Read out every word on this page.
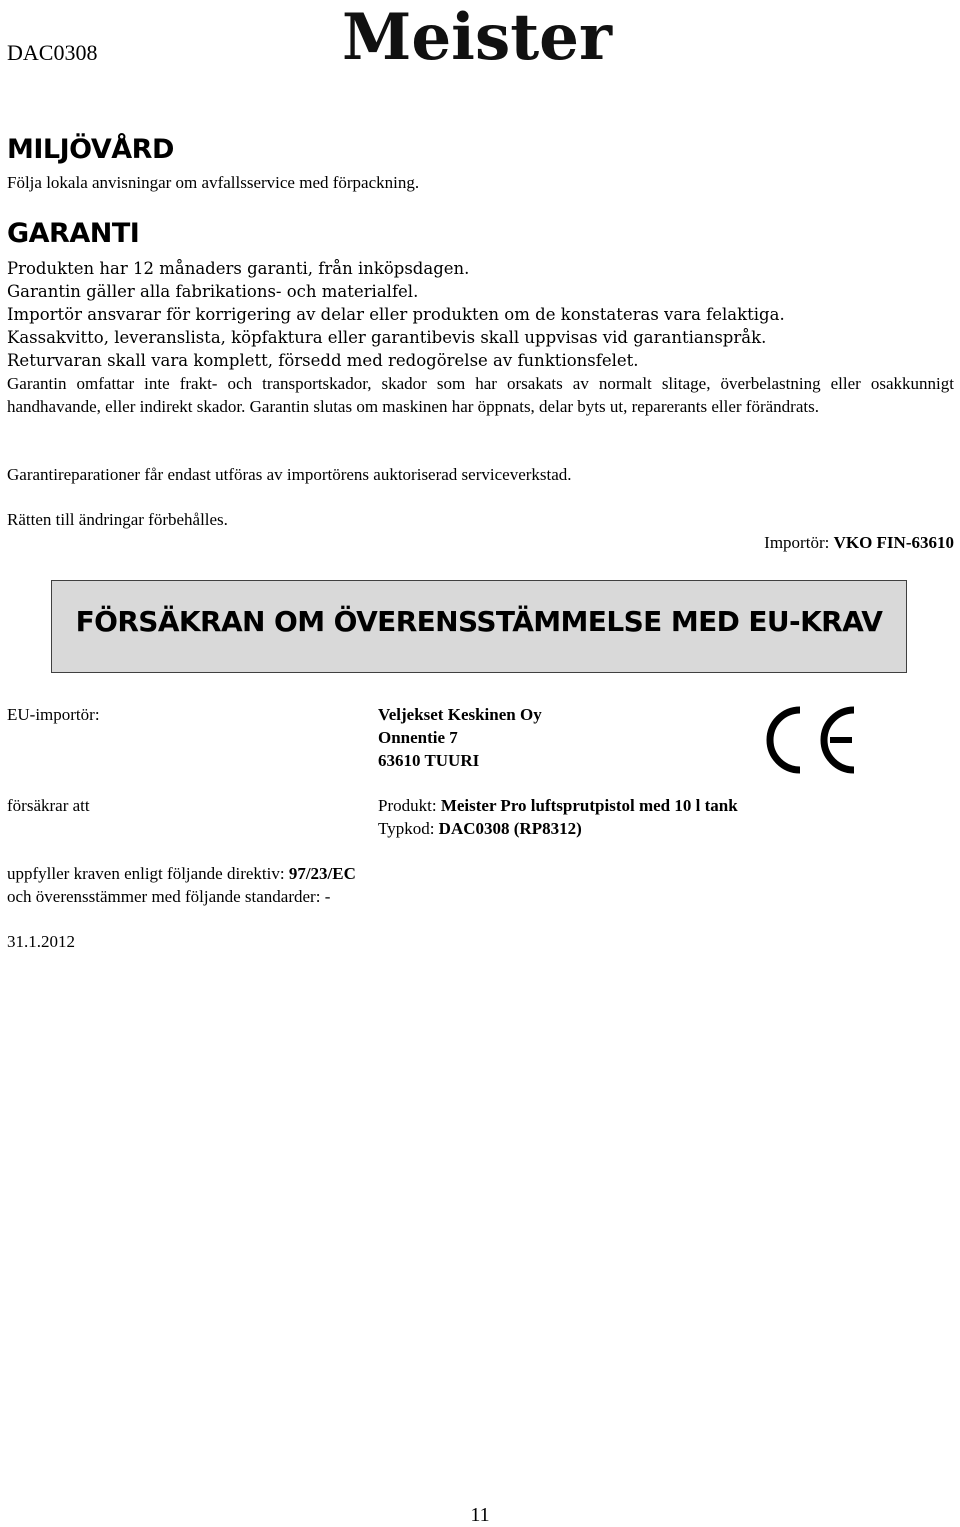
DAC0308	Meister
MILJÖVÅRD
Följa lokala anvisningar om avfallsservice med förpackning.
GARANTI
Produkten har 12 månaders garanti, från inköpsdagen.
Garantin gäller alla fabrikations- och materialfel.
Importör ansvarar för korrigering av delar eller produkten om de konstateras vara felaktiga.
Kassakvitto, leveranslista, köpfaktura eller garantibevis skall uppvisas vid garantianspråk.
Returvaran skall vara komplett, försedd med redogörelse av funktionsfelet.
Garantin omfattar inte frakt- och transportskador, skador som har orsakats av normalt slitage, överbelastning eller osakkunnigt handhavande, eller indirekt skador. Garantin slutas om maskinen har öppnats, delar byts ut, reparerants eller förändrats.
Garantireparationer får endast utföras av importörens auktoriserad serviceverkstad.
Rätten till ändringar förbehålles.
Importör: VKO FIN-63610
FÖRSÄKRAN OM ÖVERENSSTÄMMELSE MED EU-KRAV
EU-importör:	Veljekset Keskinen Oy
Onnentie 7
63610 TUURI
försäkrar att	Produkt: Meister Pro luftsprutpistol med 10 l tank
Typkod: DAC0308 (RP8312)
uppfyller kraven enligt följande direktiv: 97/23/EC
och överensstämmer med följande standarder: -
31.1.2012
11
